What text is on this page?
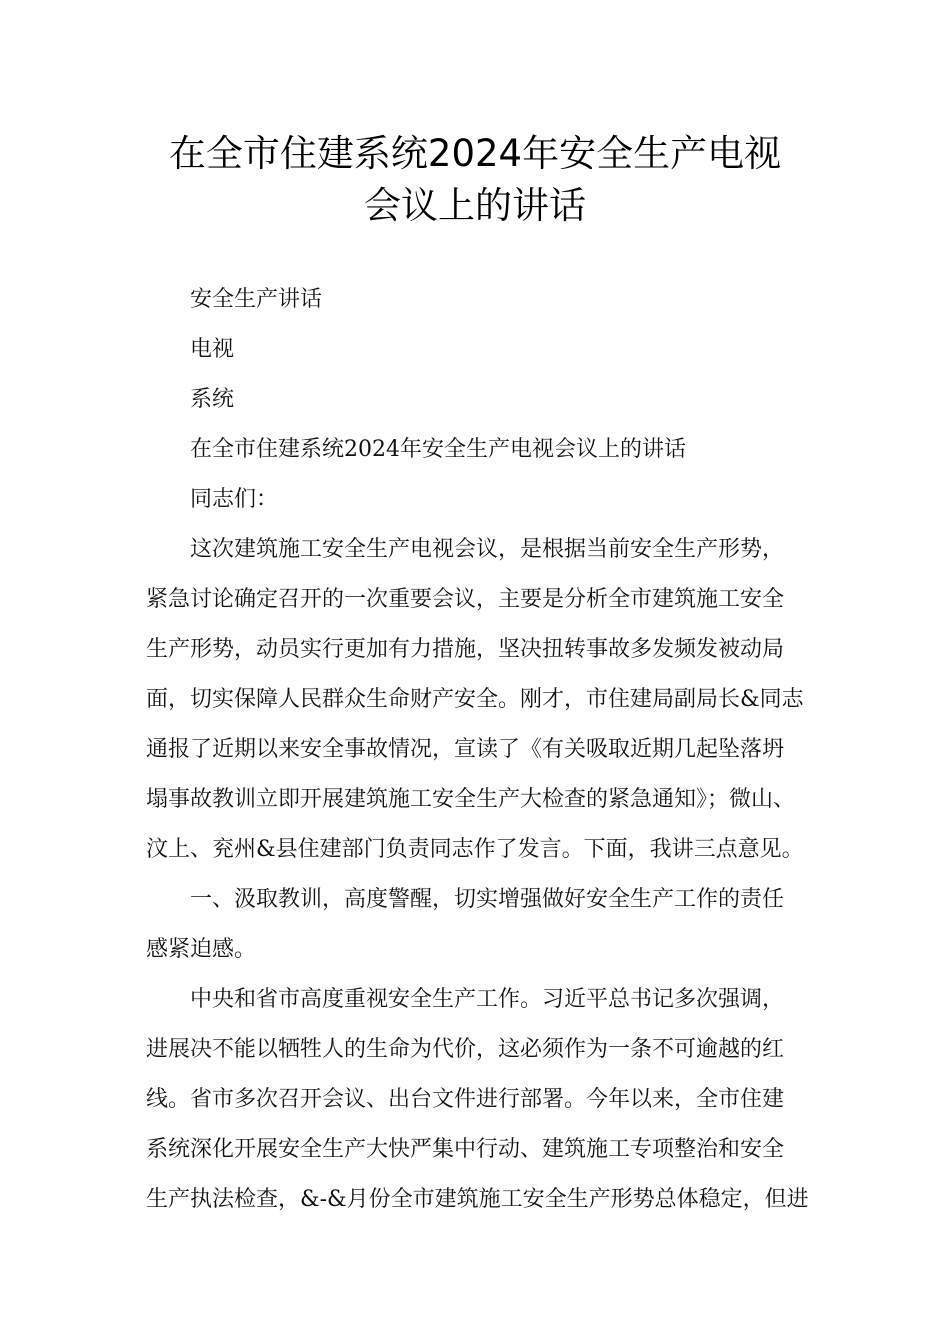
在全市住建系统2024年安全生产电视
会议上的讲话
安全生产讲话
电视
系统
在全市住建系统2024年安全生产电视会议上的讲话
同志们：
这次建筑施工安全生产电视会议，是根据当前安全生产形势，
紧急讨论确定召开的一次重要会议，主要是分析全市建筑施工安全
生产形势，动员实行更加有力措施，坚决扭转事故多发频发被动局
面，切实保障人民群众生命财产安全。刚才，市住建局副局长&同志
通报了近期以来安全事故情况，宣读了《有关吸取近期几起坠落坍
塌事故教训立即开展建筑施工安全生产大检查的紧急通知》；微山、
汶上、兖州&县住建部门负责同志作了发言。下面，我讲三点意见。
一、汲取教训，高度警醒，切实增强做好安全生产工作的责任
感紧迫感。
中央和省市高度重视安全生产工作。习近平总书记多次强调，
进展决不能以牺牲人的生命为代价，这必须作为一条不可逾越的红
线。省市多次召开会议、出台文件进行部署。今年以来，全市住建
系统深化开展安全生产大快严集中行动、建筑施工专项整治和安全
生产执法检查，&-&月份全市建筑施工安全生产形势总体稳定，但进
